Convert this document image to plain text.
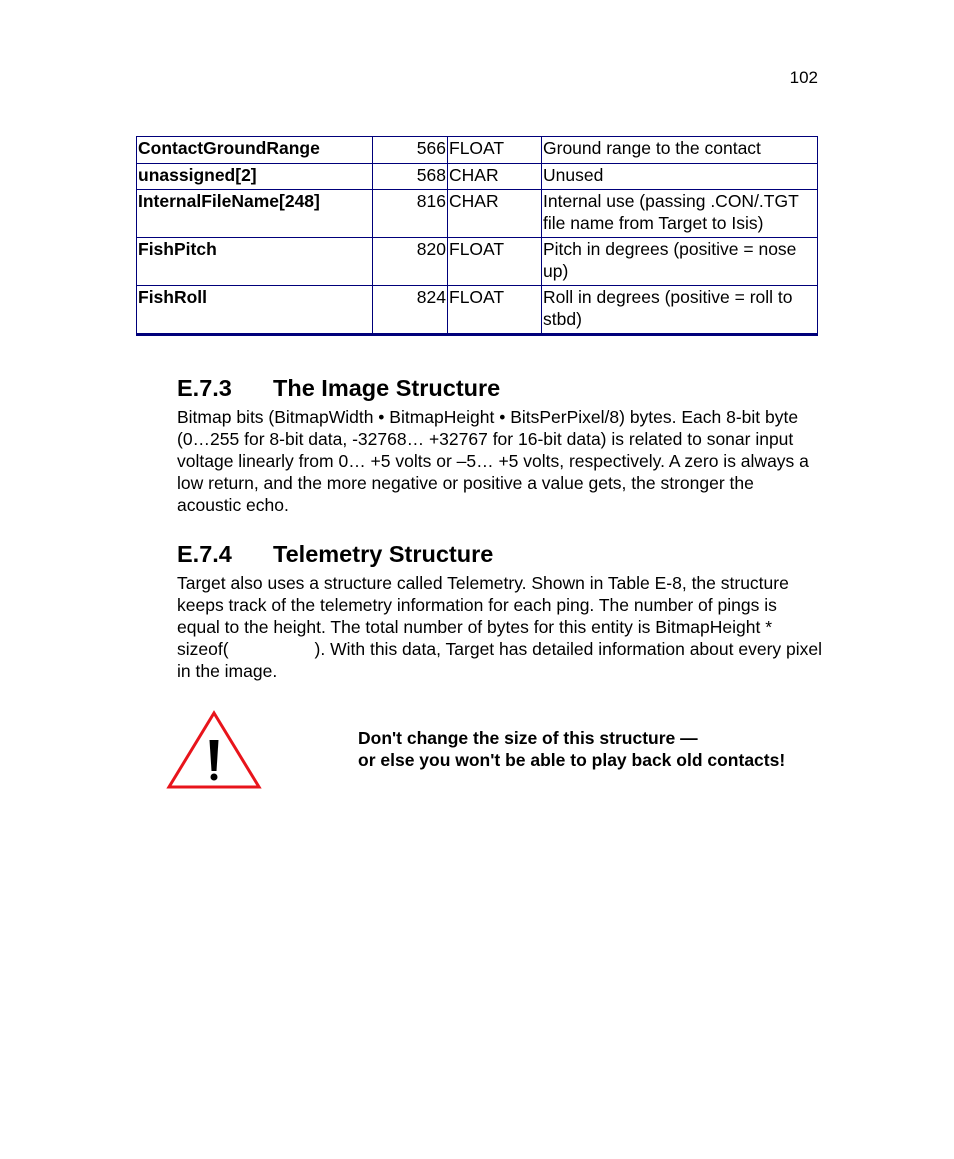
102
ContactGroundRange	566	FLOAT	Ground range to the contact
unassigned[2]	568	CHAR	Unused
InternalFileName[248]	816	CHAR	Internal use (passing .CON/.TGT file name from Target to Isis)
FishPitch	820	FLOAT	Pitch in degrees (positive = nose up)
FishRoll	824	FLOAT	Roll in degrees (positive = roll to stbd)
E.7.3 The Image Structure

Bitmap bits (BitmapWidth • BitmapHeight • BitsPerPixel/8) bytes. Each 8-bit byte (0…255 for 8-bit data, -32768… +32767 for 16-bit data) is related to sonar input voltage linearly from 0… +5 volts or –5… +5 volts, respectively. A zero is always a low return, and the more negative or positive a value gets, the stronger the acoustic echo.

E.7.4 Telemetry Structure

Target also uses a structure called Telemetry. Shown in Table E-8, the structure keeps track of the telemetry information for each ping. The number of pings is equal to the height. The total number of bytes for this entity is BitmapHeight * sizeof(	). With this data, Target has detailed information about every pixel in the image.

Don't change the size of this structure —
or else you won't be able to play back old contacts!
